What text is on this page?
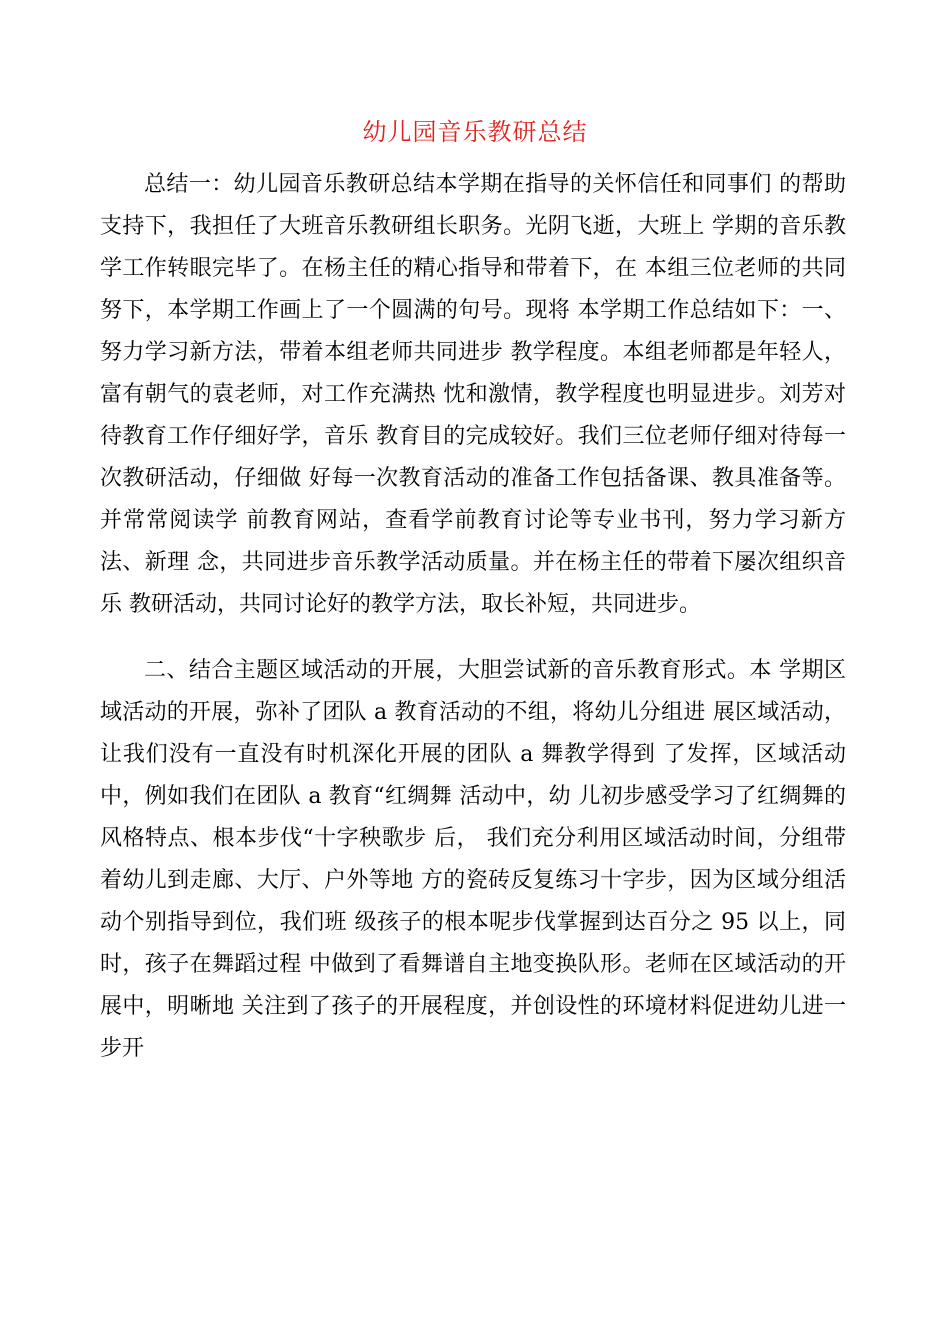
幼儿园音乐教研总结

总结一：幼儿园音乐教研总结本学期在指导的关怀信任和同事们 的帮助支持下，我担任了大班音乐教研组长职务。光阴飞逝，大班上 学期的音乐教学工作转眼完毕了。在杨主任的精心指导和带着下，在 本组三位老师的共同努下，本学期工作画上了一个圆满的句号。现将 本学期工作总结如下：一、努力学习新方法，带着本组老师共同进步 教学程度。本组老师都是年轻人，富有朝气的袁老师，对工作充满热 忱和激情，教学程度也明显进步。刘芳对待教育工作仔细好学，音乐 教育目的完成较好。我们三位老师仔细对待每一次教研活动，仔细做 好每一次教育活动的准备工作包括备课、教具准备等。并常常阅读学 前教育网站，查看学前教育讨论等专业书刊，努力学习新方法、新理 念，共同进步音乐教学活动质量。并在杨主任的带着下屡次组织音乐 教研活动，共同讨论好的教学方法，取长补短，共同进步。

二、结合主题区域活动的开展，大胆尝试新的音乐教育形式。本 学期区域活动的开展，弥补了团队 a 教育活动的不组，将幼儿分组进 展区域活动，让我们没有一直没有时机深化开展的团队 a 舞教学得到 了发挥，区域活动中，例如我们在团队 a 教育“红绸舞 活动中，幼 儿初步感受学习了红绸舞的风格特点、根本步伐“十字秧歌步 后， 我们充分利用区域活动时间，分组带着幼儿到走廊、大厅、户外等地 方的瓷砖反复练习十字步，因为区域分组活动个别指导到位，我们班 级孩子的根本呢步伐掌握到达百分之 95 以上，同时，孩子在舞蹈过程 中做到了看舞谱自主地变换队形。老师在区域活动的开展中，明晰地 关注到了孩子的开展程度，并创设性的环境材料促进幼儿进一步开
